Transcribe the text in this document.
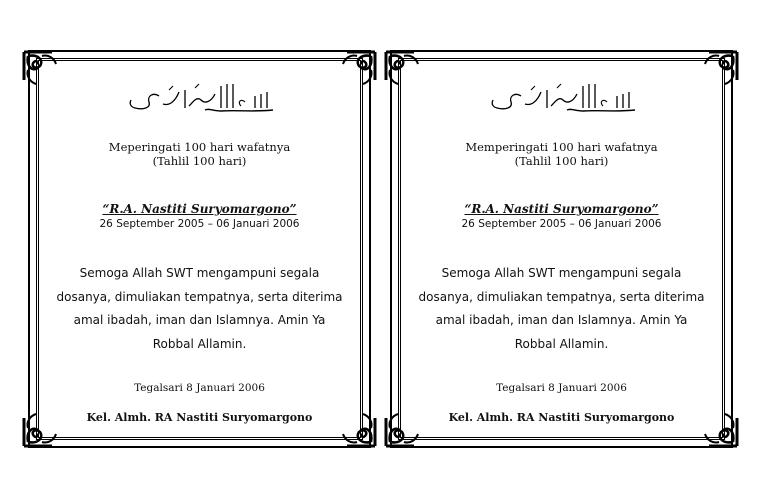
Meperingati 100 hari wafatnya
(Tahlil 100 hari)
“R.A. Nastiti Suryomargono”
26 September 2005 – 06 Januari 2006
Semoga Allah SWT mengampuni segala
dosanya, dimuliakan tempatnya, serta diterima
amal ibadah, iman dan Islamnya. Amin Ya
Robbal Allamin.
Tegalsari 8 Januari 2006
Kel. Almh. RA Nastiti Suryomargono
Memperingati 100 hari wafatnya
(Tahlil 100 hari)
“R.A. Nastiti Suryomargono”
26 September 2005 – 06 Januari 2006
Semoga Allah SWT mengampuni segala
dosanya, dimuliakan tempatnya, serta diterima
amal ibadah, iman dan Islamnya. Amin Ya
Robbal Allamin.
Tegalsari 8 Januari 2006
Kel. Almh. RA Nastiti Suryomargono
